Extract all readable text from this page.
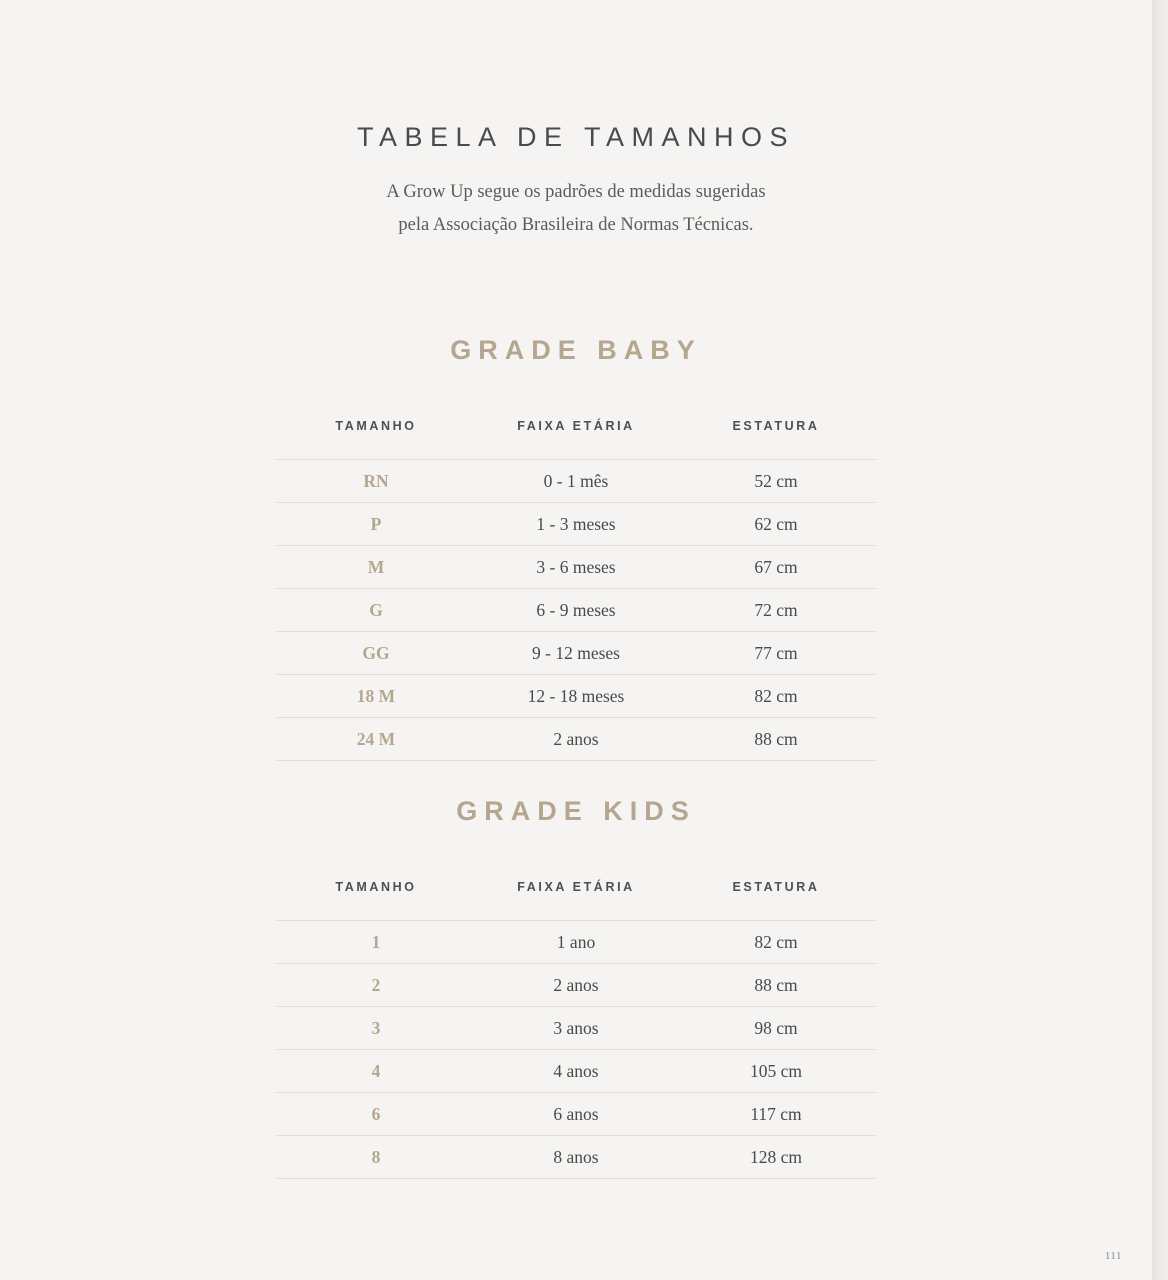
TABELA DE TAMANHOS
A Grow Up segue os padrões de medidas sugeridas
pela Associação Brasileira de Normas Técnicas.
GRADE BABY
TAMANHO	FAIXA ETÁRIA	ESTATURA
RN	0 - 1 mês	52 cm
P	1 - 3 meses	62 cm
M	3 - 6 meses	67 cm
G	6 - 9 meses	72 cm
GG	9 - 12 meses	77 cm
18 M	12 - 18 meses	82 cm
24 M	2 anos	88 cm
GRADE KIDS
TAMANHO	FAIXA ETÁRIA	ESTATURA
1	1 ano	82 cm
2	2 anos	88 cm
3	3 anos	98 cm
4	4 anos	105 cm
6	6 anos	117 cm
8	8 anos	128 cm
111
